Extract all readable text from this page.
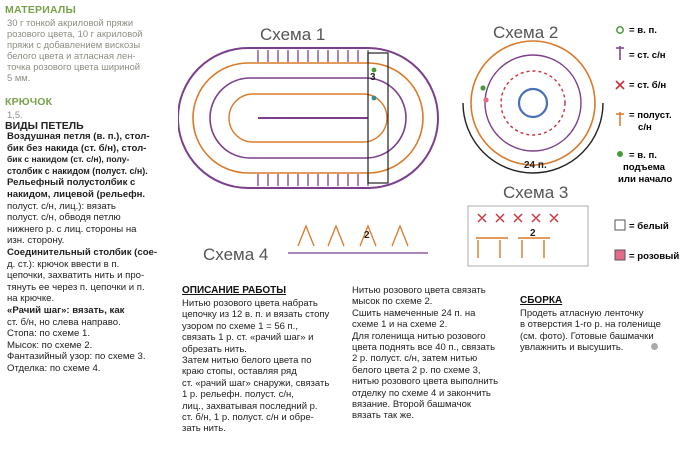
МАТЕРИАЛЫ
30 г тонкой акриловой пряжи
розового цвета, 10 г акриловой
пряжи с добавлением вискозы
белого цвета и атласная лен-
точка розового цвета шириной
5 мм.
КРЮЧОК
1,5.
ВИДЫ ПЕТЕЛЬ
Воздушная петля (в. п.), стол-
бик без накида (ст. б/н), стол-
бик с накидом (ст. с/н), полу-
столбик с накидом (полуст. с/н).
Рельефный полустолбик с
накидом, лицевой (рельефн.
полуст. с/н, лиц.): вязать
полуст. с/н, обводя петлю
нижнего р. с лиц. стороны на
изн. сторону.
Соединительный столбик (сое-
д. ст.): крючок ввести в п.
цепочки, захватить нить и про-
тянуть ее через п. цепочки и п.
на крючке.
«Рачий шаг»: вязать, как
ст. б/н, но слева направо.
Стопа: по схеме 1.
Мысок: по схеме 2.
Фантазийный узор: по схеме 3.
Отделка: по схеме 4.
Схема 1	Схема 2
Схема 3
Схема 4
3
24 п.
2
2
= в. п.
= ст. с/н
= ст. б/н
= полуст.
с/н
= в. п.
подъема
или начало
= белый
= розовый
ОПИСАНИЕ РАБОТЫ
Нитью розового цвета набрать
цепочку из 12 в. п. и вязать стопу
узором по схеме 1 = 56 п.,
связать 1 р. ст. «рачий шаг» и
обрезать нить.
Затем нитью белого цвета по
краю стопы, оставляя ряд
ст. «рачий шаг» снаружи, связать
1 р. рельефн. полуст. с/н,
лиц., захватывая последний р.
ст. б/н, 1 р. полуст. с/н и обре-
зать нить.
Нитью розового цвета связать
мысок по схеме 2.
Сшить намеченные 24 п. на
схеме 1 и на схеме 2.
Для голенища нитью розового
цвета поднять все 40 п., связать
2 р. полуст. с/н, затем нитью
белого цвета 2 р. по схеме 3,
нитью розового цвета выполнить
отделку по схеме 4 и закончить
вязание. Второй башмачок
вязать так же.
СБОРКА
Продеть атласную ленточку
в отверстия 1-го р. на голенище
(см. фото). Готовые башмачки
увлажнить и высушить.
